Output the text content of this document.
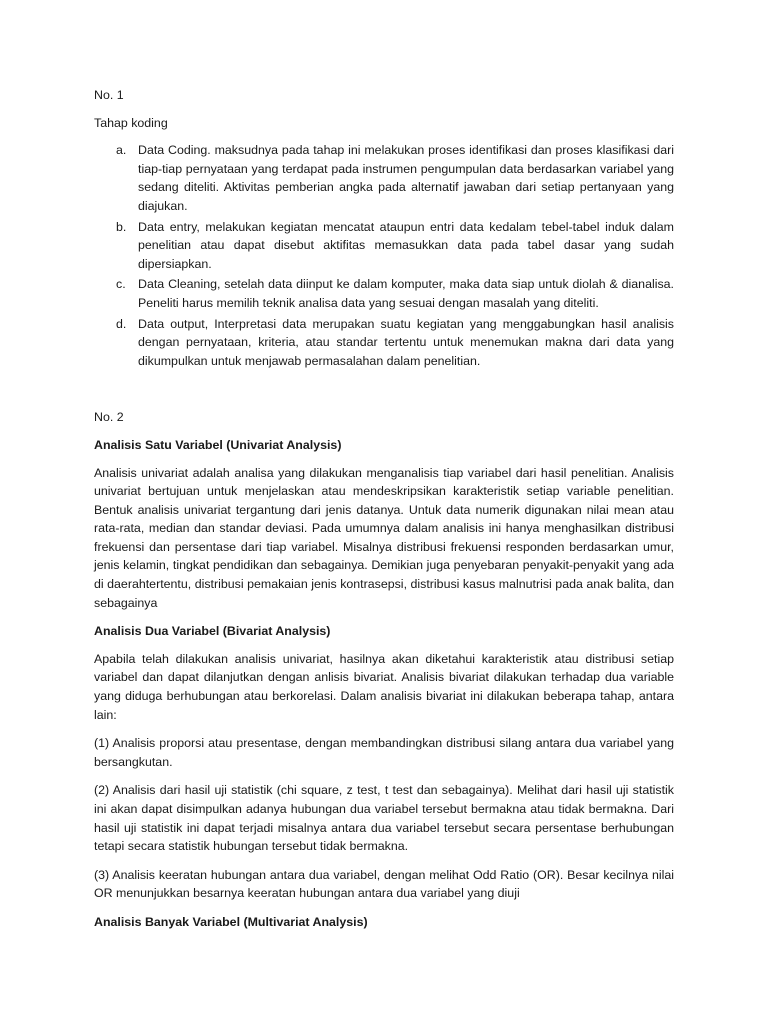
No. 1

Tahap koding

a. Data Coding. maksudnya pada tahap ini melakukan proses identifikasi dan proses klasifikasi dari tiap-tiap pernyataan yang terdapat pada instrumen pengumpulan data berdasarkan variabel yang sedang diteliti. Aktivitas pemberian angka pada alternatif jawaban dari setiap pertanyaan yang diajukan.
b. Data entry, melakukan kegiatan mencatat ataupun entri data kedalam tebel-tabel induk dalam penelitian atau dapat disebut aktifitas memasukkan data pada tabel dasar yang sudah dipersiapkan.
c. Data Cleaning, setelah data diinput ke dalam komputer, maka data siap untuk diolah & dianalisa. Peneliti harus memilih teknik analisa data yang sesuai dengan masalah yang diteliti.
d. Data output, Interpretasi data merupakan suatu kegiatan yang menggabungkan hasil analisis dengan pernyataan, kriteria, atau standar tertentu untuk menemukan makna dari data yang dikumpulkan untuk menjawab permasalahan dalam penelitian.

No. 2

Analisis Satu Variabel (Univariat Analysis)

Analisis univariat adalah analisa yang dilakukan menganalisis tiap variabel dari hasil penelitian. Analisis univariat bertujuan untuk menjelaskan atau mendeskripsikan karakteristik setiap variable penelitian. Bentuk analisis univariat tergantung dari jenis datanya. Untuk data numerik digunakan nilai mean atau rata-rata, median dan standar deviasi. Pada umumnya dalam analisis ini hanya menghasilkan distribusi frekuensi dan persentase dari tiap variabel. Misalnya distribusi frekuensi responden berdasarkan umur, jenis kelamin, tingkat pendidikan dan sebagainya. Demikian juga penyebaran penyakit-penyakit yang ada di daerahtertentu, distribusi pemakaian jenis kontrasepsi, distribusi kasus malnutrisi pada anak balita, dan sebagainya

Analisis Dua Variabel (Bivariat Analysis)

Apabila telah dilakukan analisis univariat, hasilnya akan diketahui karakteristik atau distribusi setiap variabel dan dapat dilanjutkan dengan anlisis bivariat. Analisis bivariat dilakukan terhadap dua variable yang diduga berhubungan atau berkorelasi. Dalam analisis bivariat ini dilakukan beberapa tahap, antara lain:

(1) Analisis proporsi atau presentase, dengan membandingkan distribusi silang antara dua variabel yang bersangkutan.

(2) Analisis dari hasil uji statistik (chi square, z test, t test dan sebagainya). Melihat dari hasil uji statistik ini akan dapat disimpulkan adanya hubungan dua variabel tersebut bermakna atau tidak bermakna. Dari hasil uji statistik ini dapat terjadi misalnya antara dua variabel tersebut secara persentase berhubungan tetapi secara statistik hubungan tersebut tidak bermakna.

(3) Analisis keeratan hubungan antara dua variabel, dengan melihat Odd Ratio (OR). Besar kecilnya nilai OR menunjukkan besarnya keeratan hubungan antara dua variabel yang diuji

Analisis Banyak Variabel (Multivariat Analysis)
